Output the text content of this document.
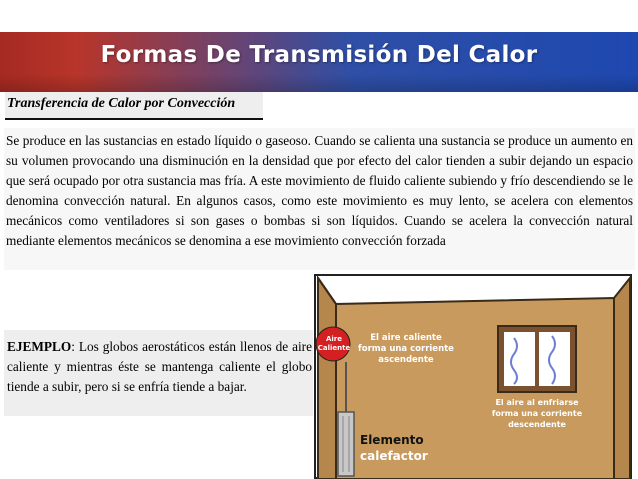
Formas De Transmisión Del Calor
Transferencia de Calor por Convección

Se produce en las sustancias en estado líquido o gaseoso. Cuando se calienta una sustancia se produce un aumento en su volumen provocando una disminución en la densidad que por efecto del calor tienden a subir dejando un espacio que será ocupado por otra sustancia mas fría. A este movimiento de fluido caliente subiendo y frío descendiendo se le denomina convección natural. En algunos casos, como este movimiento es muy lento, se acelera con elementos mecánicos como ventiladores si son gases o bombas si son líquidos. Cuando se acelera la convección natural mediante elementos mecánicos se denomina a ese movimiento convección forzada

EJEMPLO: Los globos aerostáticos están llenos de aire caliente y mientras éste se mantenga caliente el globo tiende a subir, pero si se enfría tiende a bajar.

Aire
Caliente
El aire caliente
forma una corriente
ascendente
El aire al enfriarse
forma una corriente
descendente
Elemento
calefactor
